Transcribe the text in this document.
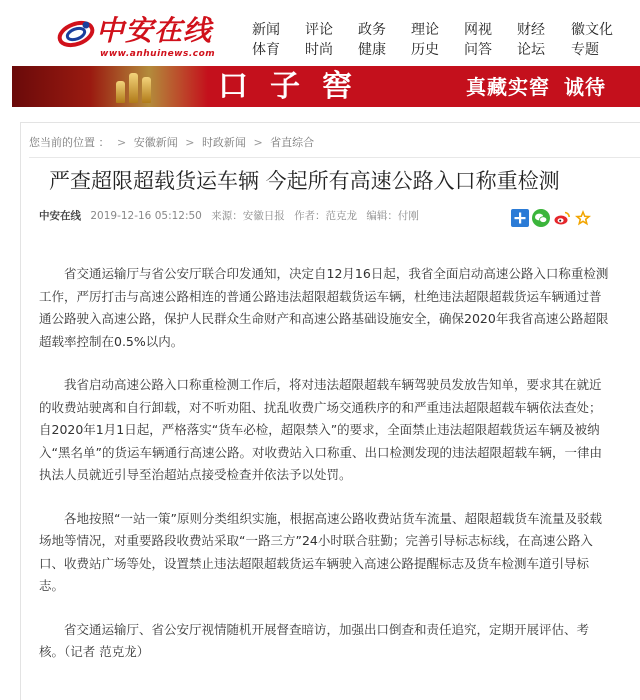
中安在线
www.anhuinews.com
新闻	评论	政务	理论	网视	财经	徽文化
体育	时尚	健康	历史	问答	论坛	专题
口子窖	真藏实窖 诚待
您当前的位置 ： > 安徽新闻 > 时政新闻 > 省直综合
严查超限超载货运车辆 今起所有高速公路入口称重检测
中安在线 2019-12-16 05:12:50 来源：安徽日报 作者：范克龙 编辑：付刚

省交通运输厅与省公安厅联合印发通知，决定自12月16日起，我省全面启动高速公路入口称重检测工作，严厉打击与高速公路相连的普通公路违法超限超载货运车辆，杜绝违法超限超载货运车辆通过普通公路驶入高速公路，保护人民群众生命财产和高速公路基础设施安全，确保2020年我省高速公路超限超载率控制在0.5%以内。

我省启动高速公路入口称重检测工作后，将对违法超限超载车辆驾驶员发放告知单，要求其在就近的收费站驶离和自行卸载，对不听劝阻、扰乱收费广场交通秩序的和严重违法超限超载车辆依法查处；自2020年1月1日起，严格落实“货车必检，超限禁入”的要求，全面禁止违法超限超载货运车辆及被纳入“黑名单”的货运车辆通行高速公路。对收费站入口称重、出口检测发现的违法超限超载车辆，一律由执法人员就近引导至治超站点接受检查并依法予以处罚。

各地按照“一站一策”原则分类组织实施，根据高速公路收费站货车流量、超限超载货车流量及驳载场地等情况，对重要路段收费站采取“一路三方”24小时联合驻勤；完善引导标志标线，在高速公路入口、收费站广场等处，设置禁止违法超限超载货运车辆驶入高速公路提醒标志及货车检测车道引导标志。

省交通运输厅、省公安厅视情随机开展督查暗访，加强出口倒查和责任追究，定期开展评估、考核。（记者 范克龙）
